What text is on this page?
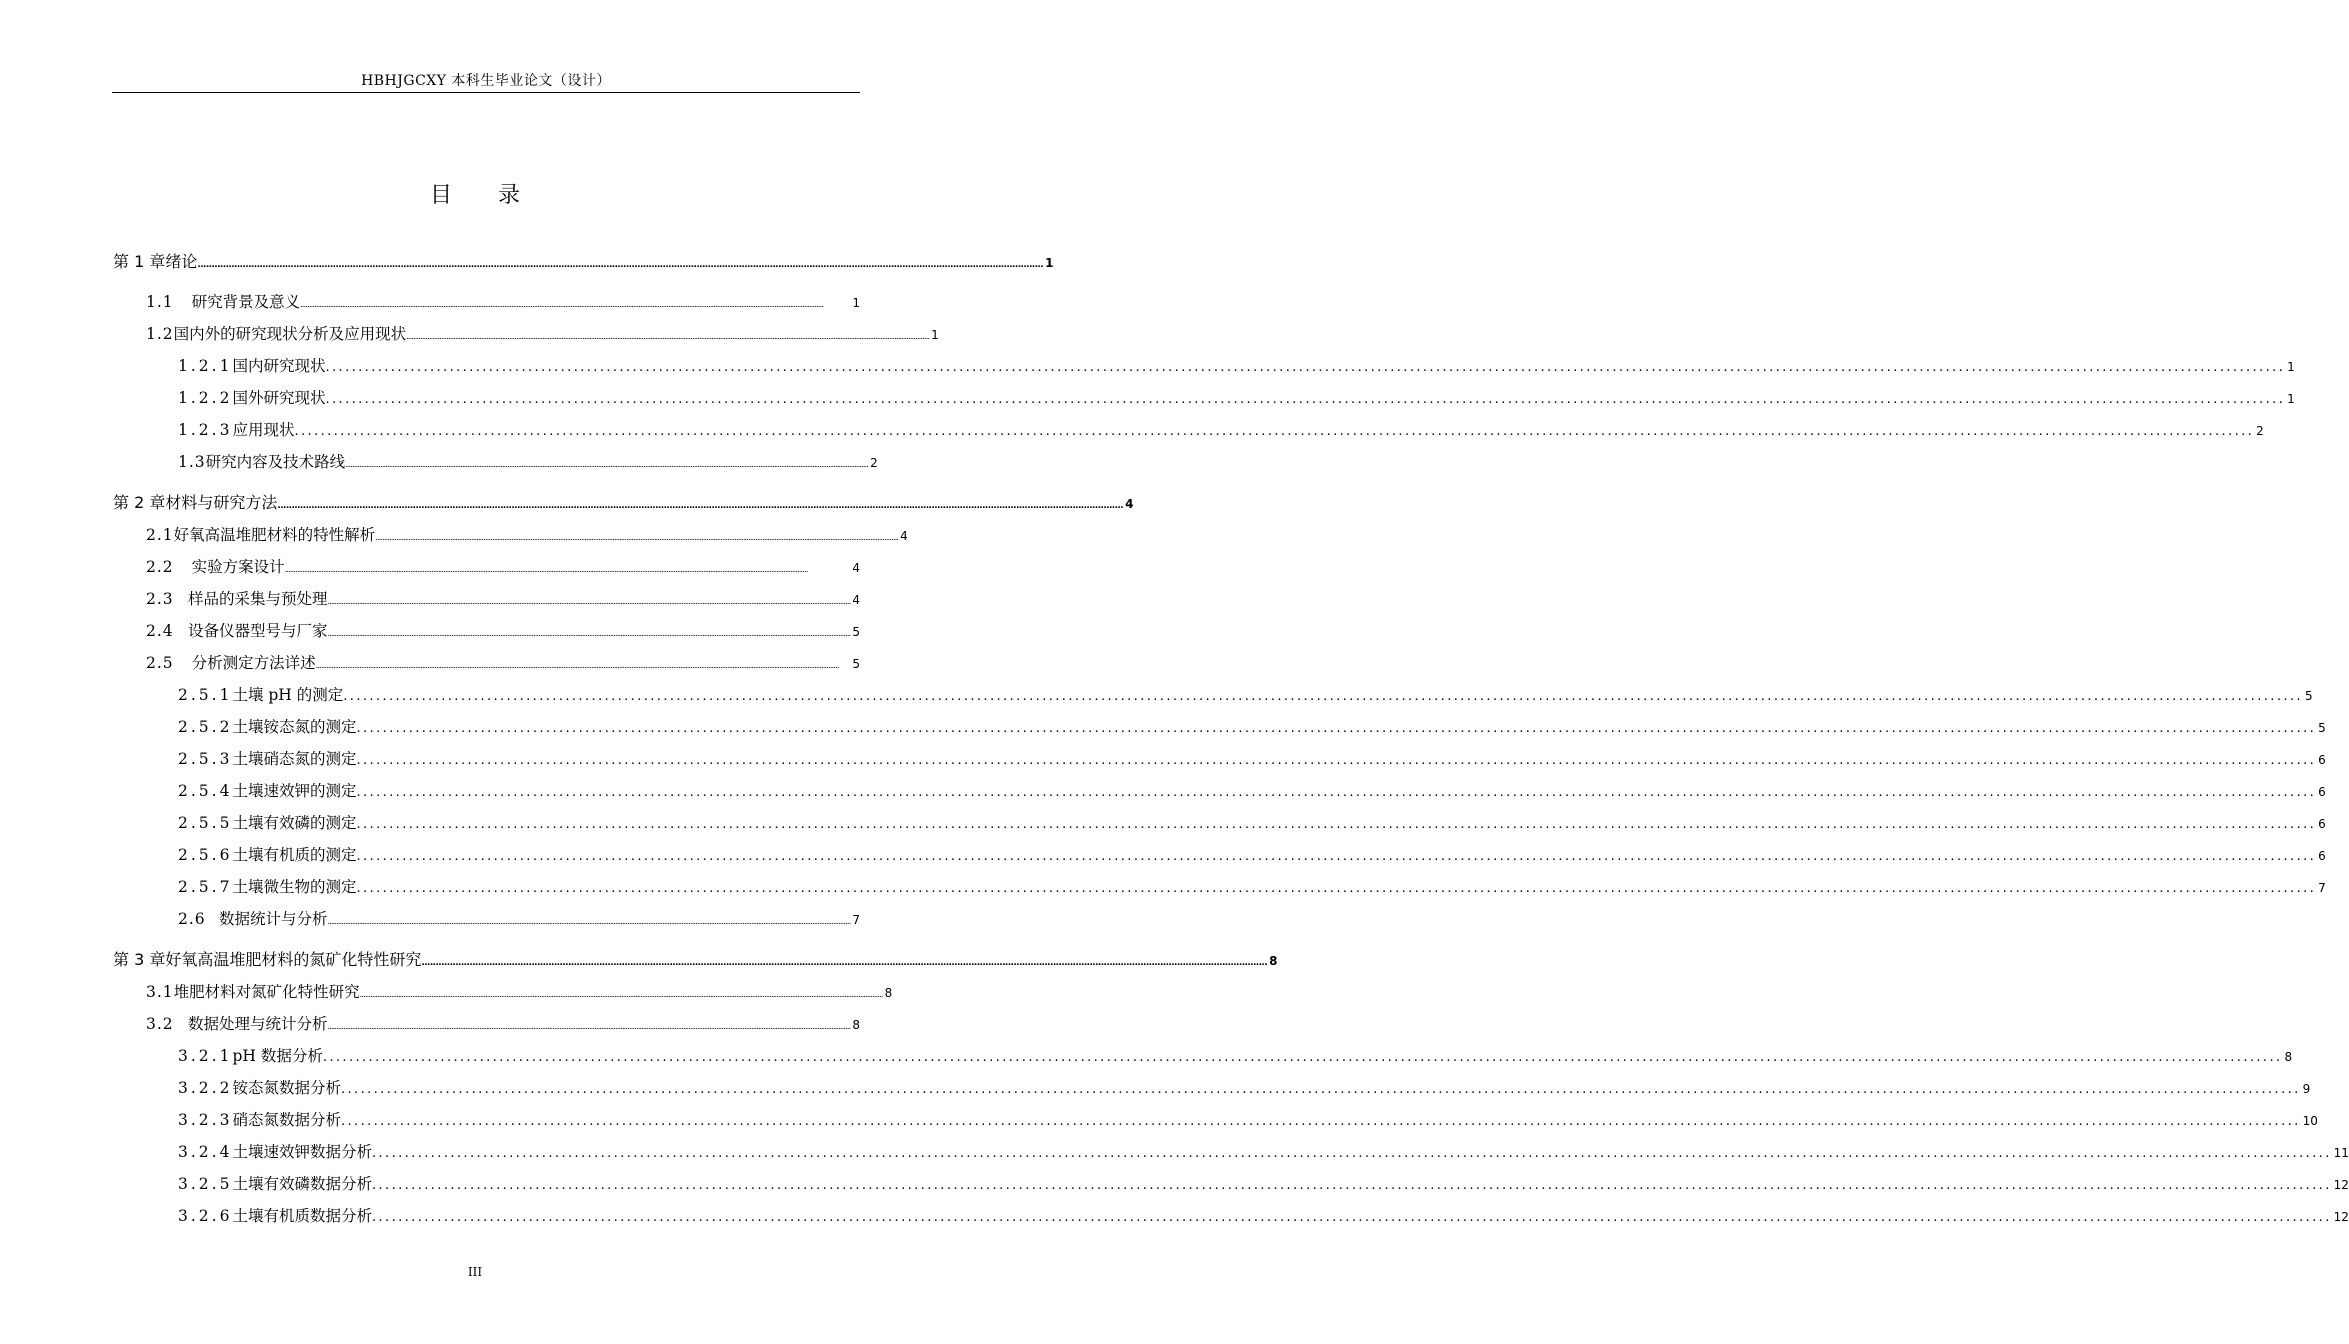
HBHJGCXY 本科生毕业论文（设计）
目录
第 1 章 绪论 ............................................................................................................................................................................................................................................................................................................ 1
1.1 研究背景及意义 ............................................................................................................................................................................................................................................................................................................	1
1.2 国内外的研究现状分析及应用现状 ............................................................................................................................................................................................................................................................................................................ 1
1.2.1 国内研究现状 ............................................................................................................................................................................................................................................................................................................ 1
1.2.2 国外研究现状 ............................................................................................................................................................................................................................................................................................................ 1
1.2.3 应用现状 ............................................................................................................................................................................................................................................................................................................ 2
1.3 研究内容及技术路线 ............................................................................................................................................................................................................................................................................................................ 2
第 2 章 材料与研究方法 ............................................................................................................................................................................................................................................................................................................ 4
2.1 好氧高温堆肥材料的特性解析 ............................................................................................................................................................................................................................................................................................................ 4
2.2 实验方案设计 ............................................................................................................................................................................................................................................................................................................	4
2.3 样品的采集与预处理 ............................................................................................................................................................................................................................................................................................................ 4
2.4 设备仪器型号与厂家 ............................................................................................................................................................................................................................................................................................................ 5
2.5 分析测定方法详述 ............................................................................................................................................................................................................................................................................................................	5
2.5.1 土壤 pH 的测定 ............................................................................................................................................................................................................................................................................................................ 5
2.5.2 土壤铵态氮的测定 ............................................................................................................................................................................................................................................................................................................ 5
2.5.3 土壤硝态氮的测定 ............................................................................................................................................................................................................................................................................................................ 6
2.5.4 土壤速效钾的测定 ............................................................................................................................................................................................................................................................................................................ 6
2.5.5 土壤有效磷的测定 ............................................................................................................................................................................................................................................................................................................ 6
2.5.6 土壤有机质的测定 ............................................................................................................................................................................................................................................................................................................ 6
2.5.7 土壤微生物的测定 ............................................................................................................................................................................................................................................................................................................ 7
2.6 数据统计与分析 ............................................................................................................................................................................................................................................................................................................ 7
第 3 章 好氧高温堆肥材料的氮矿化特性研究 ............................................................................................................................................................................................................................................................................................................ 8
3.1 堆肥材料对氮矿化特性研究 ............................................................................................................................................................................................................................................................................................................ 8
3.2 数据处理与统计分析 ............................................................................................................................................................................................................................................................................................................ 8
3.2.1 pH 数据分析 ............................................................................................................................................................................................................................................................................................................ 8
3.2.2 铵态氮数据分析 ............................................................................................................................................................................................................................................................................................................ 9
3.2.3 硝态氮数据分析 ............................................................................................................................................................................................................................................................................................................ 10
3.2.4 土壤速效钾数据分析 ............................................................................................................................................................................................................................................................................................................ 11
3.2.5 土壤有效磷数据分析 ............................................................................................................................................................................................................................................................................................................ 12
3.2.6 土壤有机质数据分析 ............................................................................................................................................................................................................................................................................................................ 12
III
